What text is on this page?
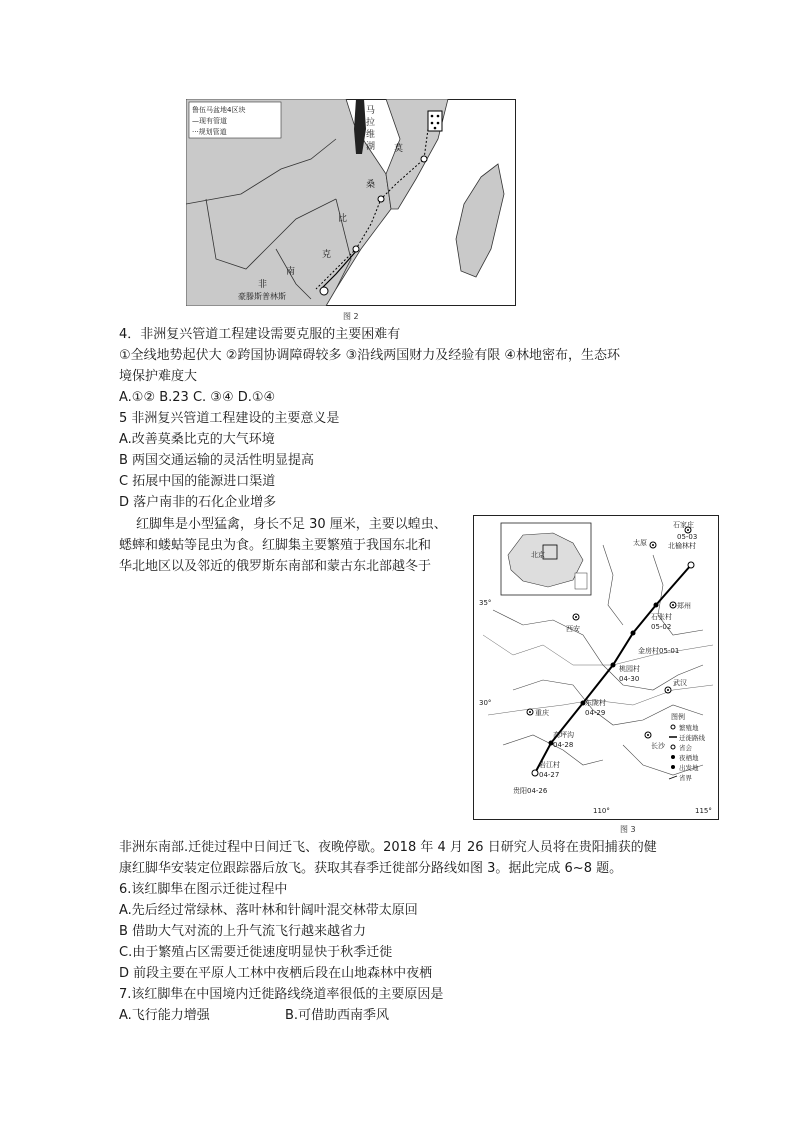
鲁伍马盆地4区块
—现有管道
···规划管道
马
拉
维
湖 莫
桑
比
克
南
非
豪滕斯普林斯
图 2
4．非洲复兴管道工程建设需要克服的主要困难有
①全线地势起伏大 ②跨国协调障碍较多 ③沿线两国财力及经验有限 ④林地密布，生态环
境保护难度大
A.①② B.23 C. ③④ D.①④
5 非洲复兴管道工程建设的主要意义是
A.改善莫桑比克的大气环境
B 两国交通运输的灵活性明显提高
C 拓展中国的能源进口渠道
D 落户南非的石化企业增多
红脚隼是小型猛禽，身长不足 30 厘米，主要以蝗虫、
蟋蟀和蝼蛄等昆虫为食。红脚集主要繁殖于我国东北和
华北地区以及邻近的俄罗斯东南部和蒙古东北部越冬于
北京
石家庄
太原
西安
郑州
武汉
重庆
长沙
05-03
北榆林村
石张村
05-02
金房村05-01
桃园村
04-30
东陇村
04-29
高坪沟
04-28
岩江村
04-27
贵阳04-26
35°
30°
110°	115°
图例
繁殖地
迁徙路线
省会
夜栖地
出发地
省界
图 3
非洲东南部.迁徙过程中日间迁飞、夜晚停歇。2018 年 4 月 26 日研究人员将在贵阳捕获的健
康红脚华安装定位跟踪器后放飞。获取其春季迁徙部分路线如图 3。据此完成 6~8 题。
6.该红脚隼在图示迁徙过程中
A.先后经过常绿林、落叶林和针阔叶混交林带太原回
B 借助大气对流的上升气流飞行越来越省力
C.由于繁殖占区需要迁徙速度明显快于秋季迁徙
D 前段主要在平原人工林中夜栖后段在山地森林中夜栖
7.该红脚隼在中国境内迁徙路线绕道率很低的主要原因是
A.飞行能力增强	B.可借助西南季风
